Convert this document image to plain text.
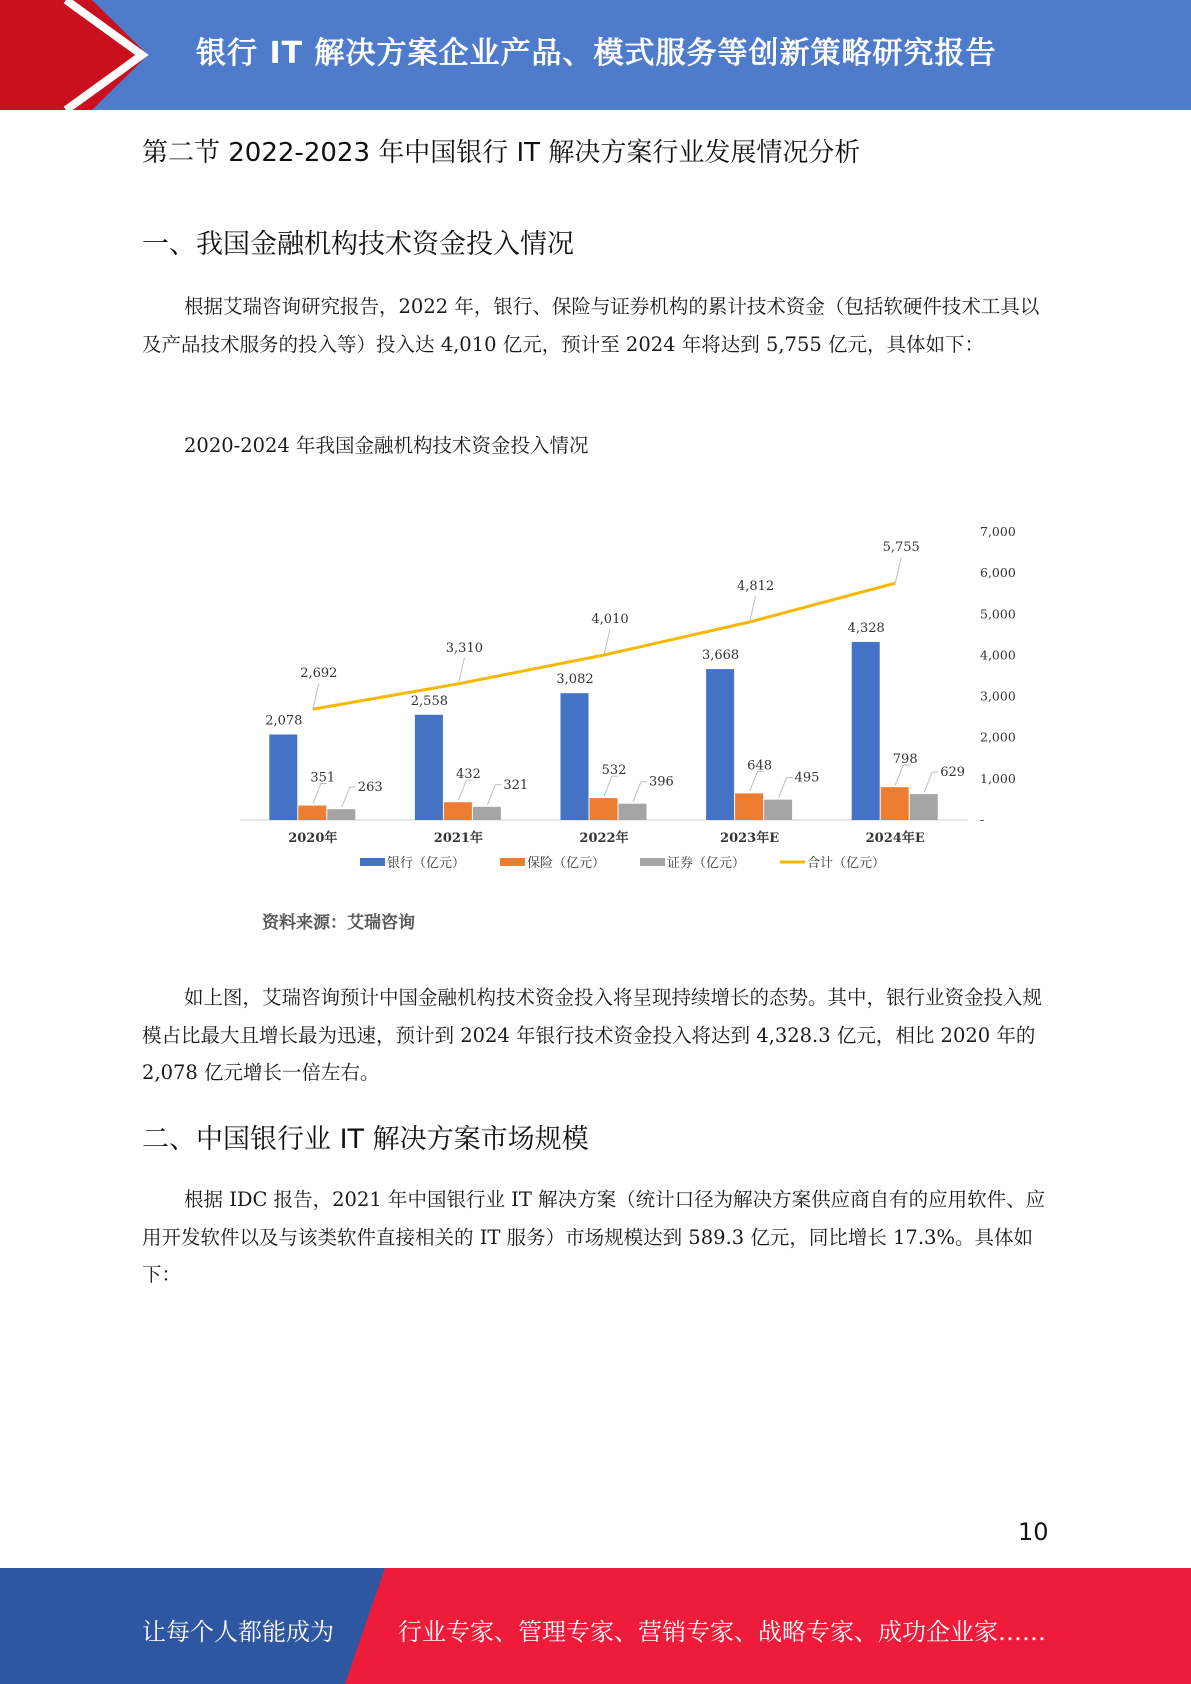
银行 IT 解决方案企业产品、模式服务等创新策略研究报告
第二节 2022-2023 年中国银行 IT 解决方案行业发展情况分析
一、我国金融机构技术资金投入情况

根据艾瑞咨询研究报告，2022 年，银行、保险与证券机构的累计技术资金（包括软硬件技术工具以及产品技术服务的投入等）投入达 4,010 亿元，预计至 2024 年将达到 5,755 亿元，具体如下：

2020-2024 年我国金融机构技术资金投入情况
-
1,000
2,000
3,000
4,000
5,000
6,000
7,000
2,078
351
263
2020年
2,558
432
321
2021年
3,082
532
396
2022年
3,668
648
495
2023年E
4,328
798
629
2024年E
2,692
3,310
4,010
4,812
5,755
银行（亿元）	保险（亿元）	证券（亿元）	合计（亿元）
资料来源：艾瑞咨询

如上图，艾瑞咨询预计中国金融机构技术资金投入将呈现持续增长的态势。其中，银行业资金投入规模占比最大且增长最为迅速，预计到 2024 年银行技术资金投入将达到 4,328.3 亿元，相比 2020 年的 2,078 亿元增长一倍左右。

二、中国银行业 IT 解决方案市场规模

根据 IDC 报告，2021 年中国银行业 IT 解决方案（统计口径为解决方案供应商自有的应用软件、应用开发软件以及与该类软件直接相关的 IT 服务）市场规模达到 589.3 亿元，同比增长 17.3%。具体如下：

10
让每个人都能成为	行业专家、管理专家、营销专家、战略专家、成功企业家……
